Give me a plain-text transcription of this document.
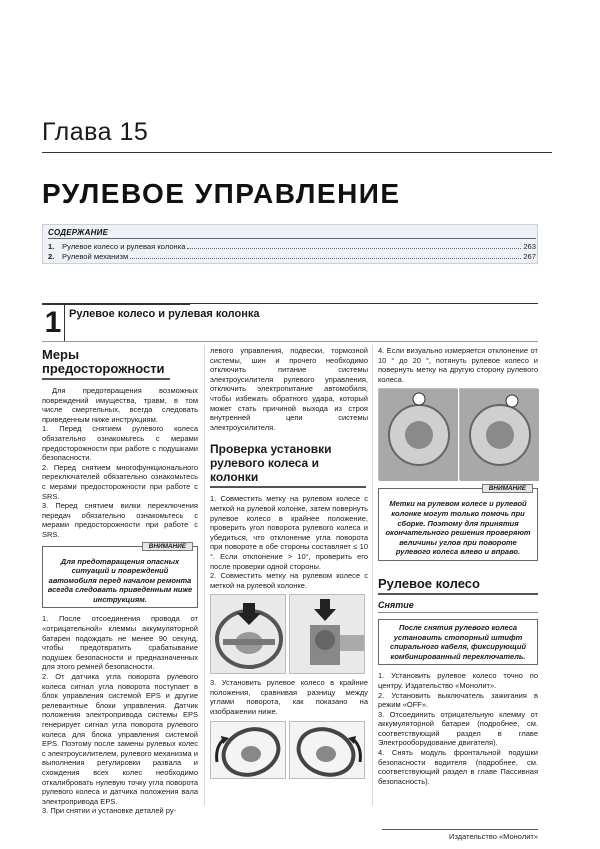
Глава 15
РУЛЕВОЕ УПРАВЛЕНИЕ
СОДЕРЖАНИЕ
1.	Рулевое колесо и рулевая колонка	263
2.	Рулевой механизм	267
1 Рулевое колесо и рулевая колонка
Меры
предосторожности
Для предотвращения возможных повреждений имущества, травм, в том числе смертельных, всегда следовать приведенным ниже инструкциям.
1. Перед снятием рулевого колеса обязательно ознакомьтесь с мерами предосторожности при работе с подушками безопасности.
2. Перед снятием многофункционального переключателей обязательно ознакомьтесь с мерами предосторожности при работе с SRS.
3. Перед снятием вилки переключения передач обязательно ознакомьтесь с мерами предосторожности при работе с SRS.
ВНИМАНИЕ
Для предотвращения опасных ситуаций и повреждений автомобиля перед началом ремонта всегда следовать приведенным ниже инструкциям.
1. После отсоединения провода от «отрицательной» клеммы аккумуляторной батареи подождать не менее 90 секунд, чтобы предотвратить срабатывание подушек безопасности и предназначенных для этого ремней безопасности.
2. От датчика угла поворота рулевого колеса сигнал угла поворота поступает в блок управления системой EPS и другие релевантные блоки управления. Датчик положения электропривода системы EPS генерирует сигнал угла поворота рулевого колеса для блока управления системой EPS. Поэтому после замены рулевых колес с электроусилителем, рулевого механизма и выполнения регулировки развала и схождения всех колес необходимо откалибровать нулевую точку угла поворота рулевого колеса и датчика положения вала электропривода EPS.
3. При снятии и установке деталей ру-
левого управления, подвески, тормозной системы, шин и прочего необходимо отключить питание системы электроусилителя рулевого управления, отключить электропитание автомобиля, чтобы избежать обратного удара, который может стать причиной выхода из строя внутренней цепи системы электроусилителя.
Проверка установки рулевого колеса и колонки
1. Совместить метку на рулевом колесе с меткой на рулевой колонке, затем повернуть рулевое колесо в крайнее положение, проверить угол поворота рулевого колеса и убедиться, что отклонение угла поворота при повороте в обе стороны составляет ≤ 10 °. Если отклонение > 10°, проверить его после проверки одной стороны.
2. Совместить метку на рулевом колесе с меткой на рулевой колонке.
3. Установить рулевое колесо в крайние положения, сравнивая разницу между углами поворота, как показано на изображении ниже.
4. Если визуально измеряется отклонение от 10 ° до 20 °, потянуть рулевое колесо и повернуть метку на другую сторону рулевого колеса.
ВНИМАНИЕ
Метки на рулевом колесе и рулевой колонке могут только помочь при сборке. Поэтому для принятия окончательного решения проверяют величины углов при повороте рулевого колеса влево и вправо.
Рулевое колесо
Снятие
После снятия рулевого колеса установить стопорный штифт спирального кабеля, фиксирующий комбинированный переключатель.
1. Установить рулевое колесо точно по центру. Издательство «Монолит».
2. Установить выключатель зажигания в режим «OFF».
3. Отсоединить отрицательную клемму от аккумуляторной батареи (подробнее, см. соответствующий раздел в главе Электрооборудование двигателя).
4. Снять модуль фронтальной подушки безопасности водителя (подробнее, см. соответствующий раздел в главе Пассивная безопасность).
Издательство «Монолит»
